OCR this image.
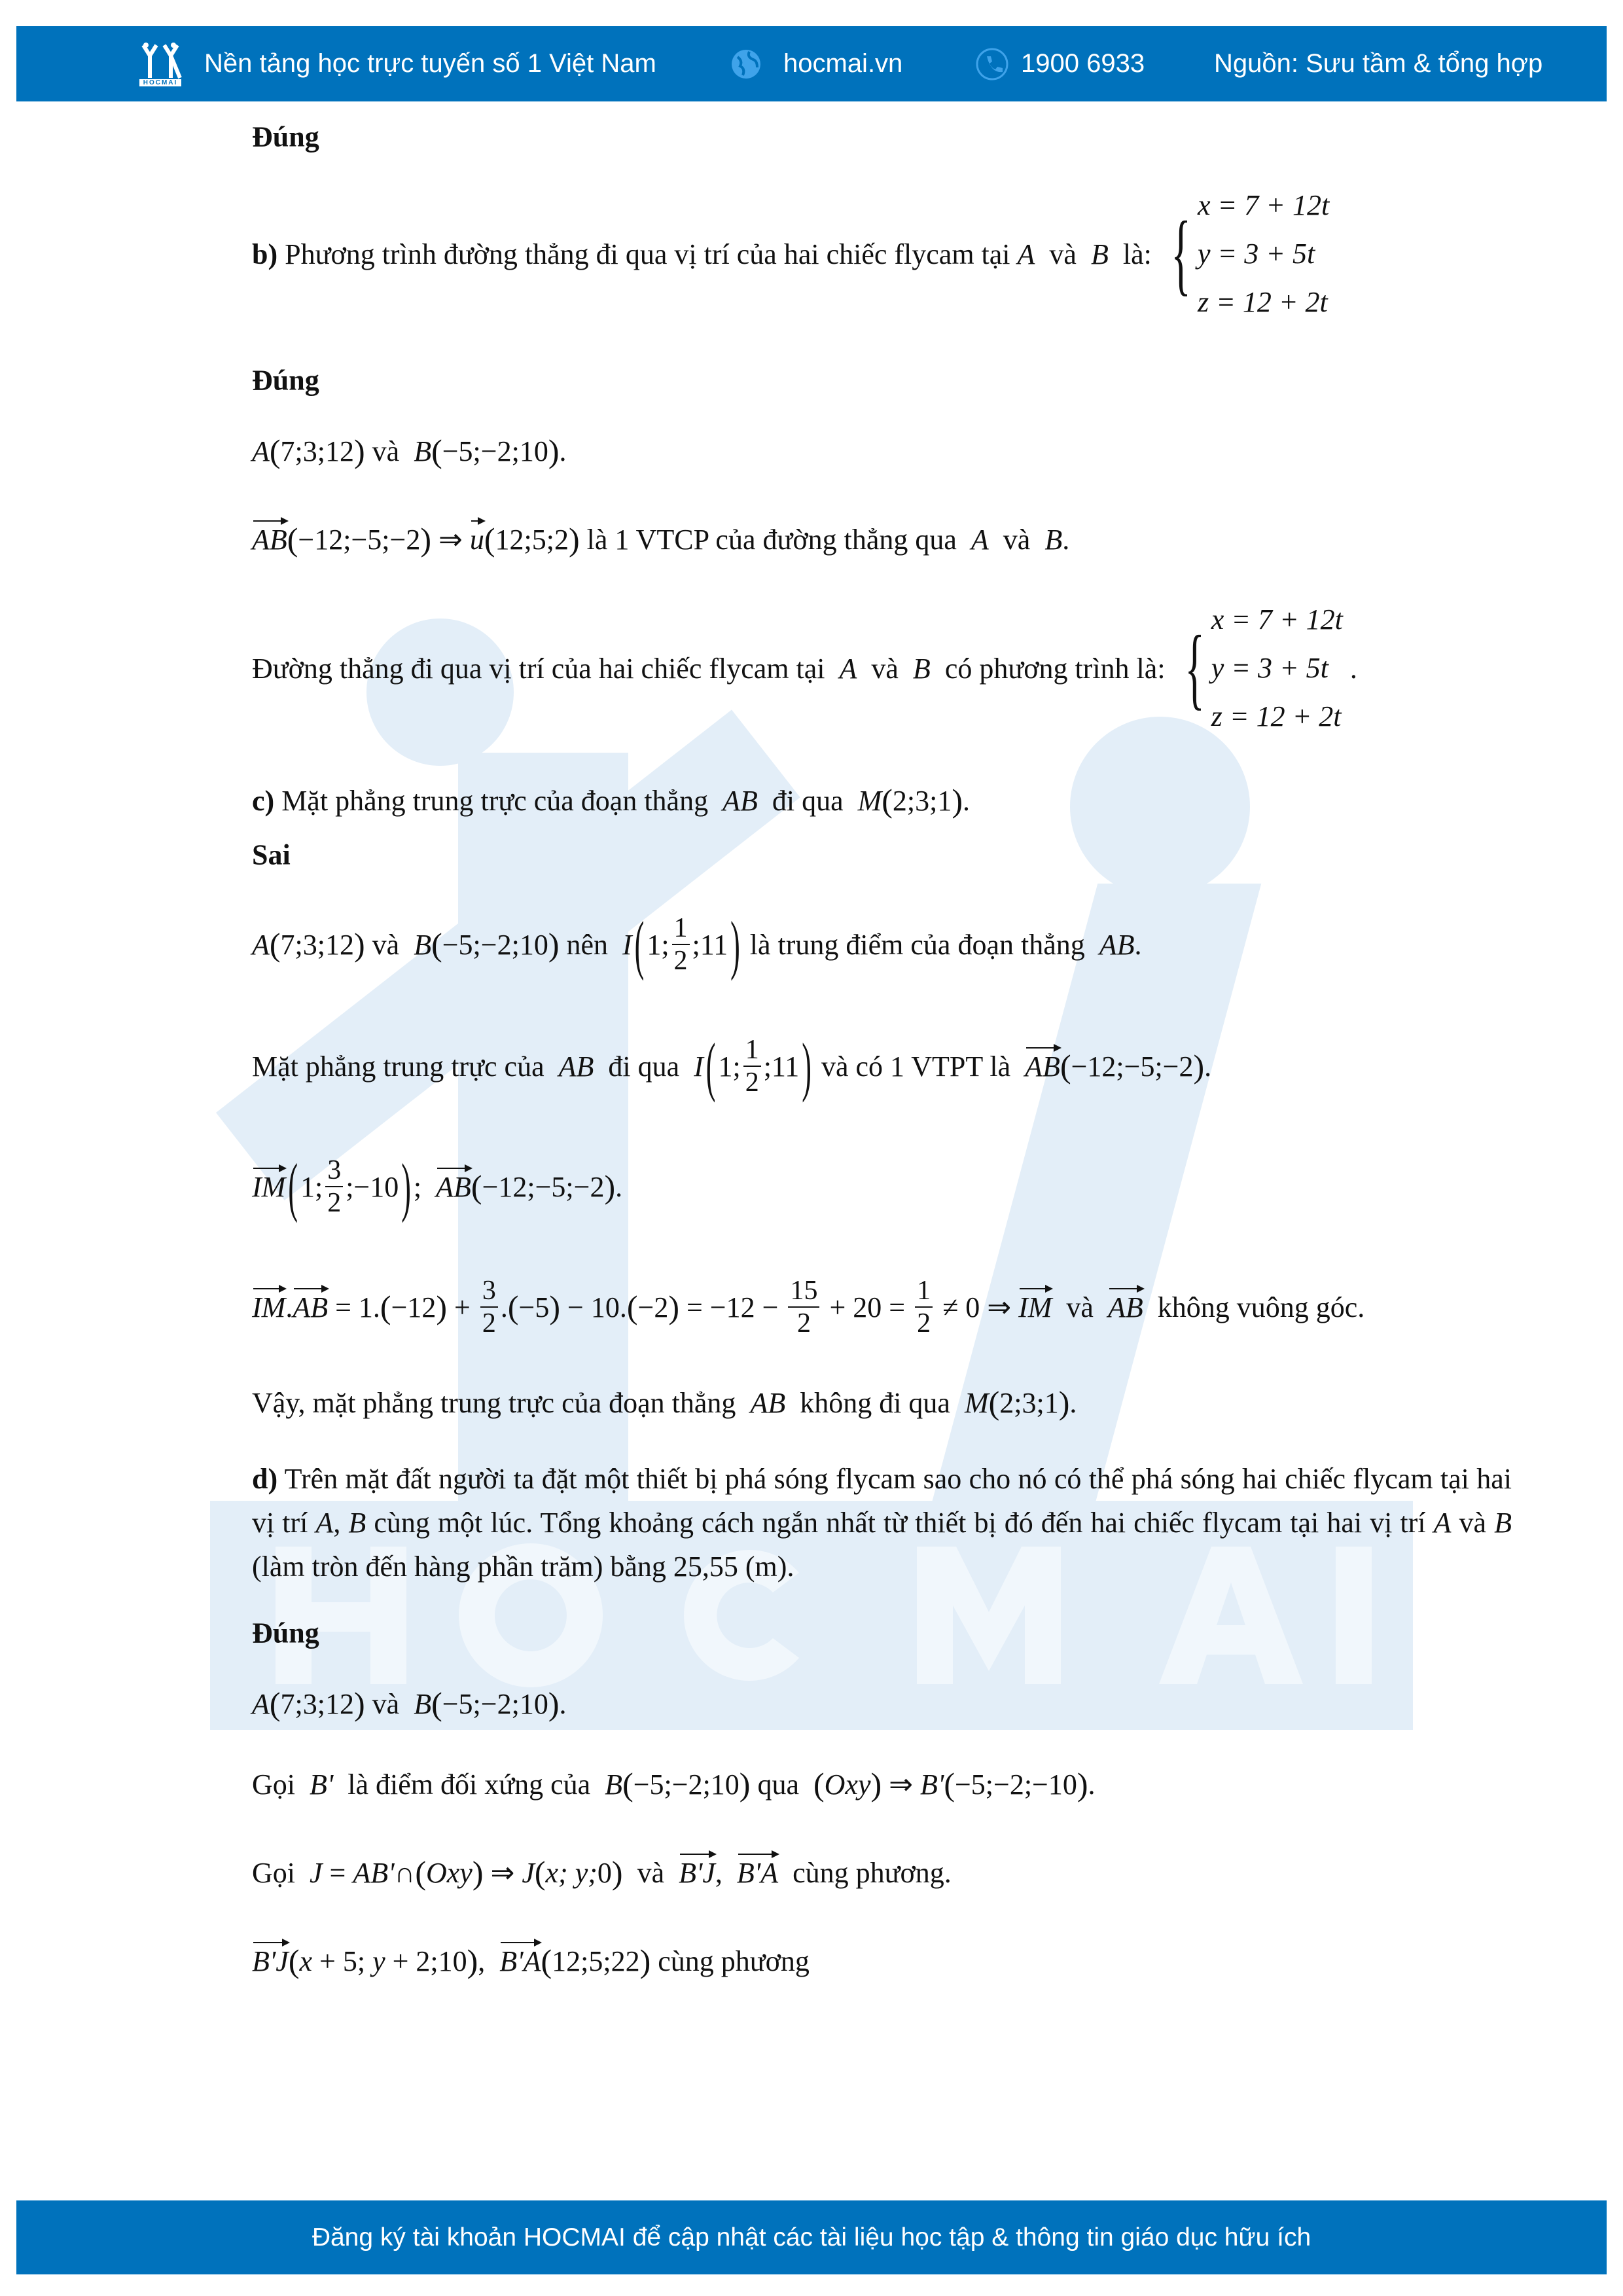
HOCMAI
Nền tảng học trực tuyến số 1 Việt Nam	hocmai.vn	1900 6933	Nguồn: Sưu tầm & tổng hợp
Đúng
b) Phương trình đường thẳng đi qua vị trí của hai chiếc flycam tại A và B là: { x = 7 + 12t
y = 3 + 5t
z = 12 + 2t
Đúng
A ( 7;3;12 ) và B ( −5;−2;10 ) .
AB ( −12;−5;−2 ) ⇒ u ( 12;5;2 ) là 1 VTCP của đường thẳng qua A và B .
Đường thẳng đi qua vị trí của hai chiếc flycam tại A và B có phương trình là: { x = 7 + 12t
y = 3 + 5t
z = 12 + 2t
.
c) Mặt phẳng trung trực của đoạn thẳng AB đi qua M ( 2;3;1 ) .
Sai
A ( 7;3;12 ) và B ( −5;−2;10 ) nên I ( 1; $\frac{1}{2}$ ;11 ) là trung điểm của đoạn thẳng AB .
Mặt phẳng trung trực của AB đi qua I ( 1; $\frac{1}{2}$ ;11 ) và có 1 VTPT là AB ( −12;−5;−2 ) .
IM ( 1; $\frac{3}{2}$ ;−10 ) ; AB ( −12;−5;−2 ) .
IM . AB = 1. ( −12 ) + $\frac{3}{2}$ . ( −5 ) − 10. ( −2 ) = $-12 - \frac{15}{2} + 20 = \frac{1}{2} \ne 0$ ⇒ IM và AB không vuông góc.
Vậy, mặt phẳng trung trực của đoạn thẳng AB không đi qua M ( 2;3;1 ) .
Đúng
A ( 7;3;12 ) và B ( −5;−2;10 ) .
Gọi B' là điểm đối xứng của B ( −5;−2;10 ) qua ( Oxy ) ⇒ B' ( −5;−2;−10 ) .
Gọi J = AB' ∩ ( Oxy ) ⇒ J ( x; y; 0 ) và B'J , B'A cùng phương.
B'J ( x + 5; y + 2;10 ) , B'A ( 12;5;22 ) cùng phương
d) Trên mặt đất người ta đặt một thiết bị phá sóng flycam sao cho nó có thể phá sóng hai chiếc flycam tại hai vị trí A, B cùng một lúc. Tổng khoảng cách ngắn nhất từ thiết bị đó đến hai chiếc flycam tại hai vị trí A và B (làm tròn đến hàng phần trăm) bằng 25,55 (m).
Đăng ký tài khoản HOCMAI để cập nhật các tài liệu học tập & thông tin giáo dục hữu ích
